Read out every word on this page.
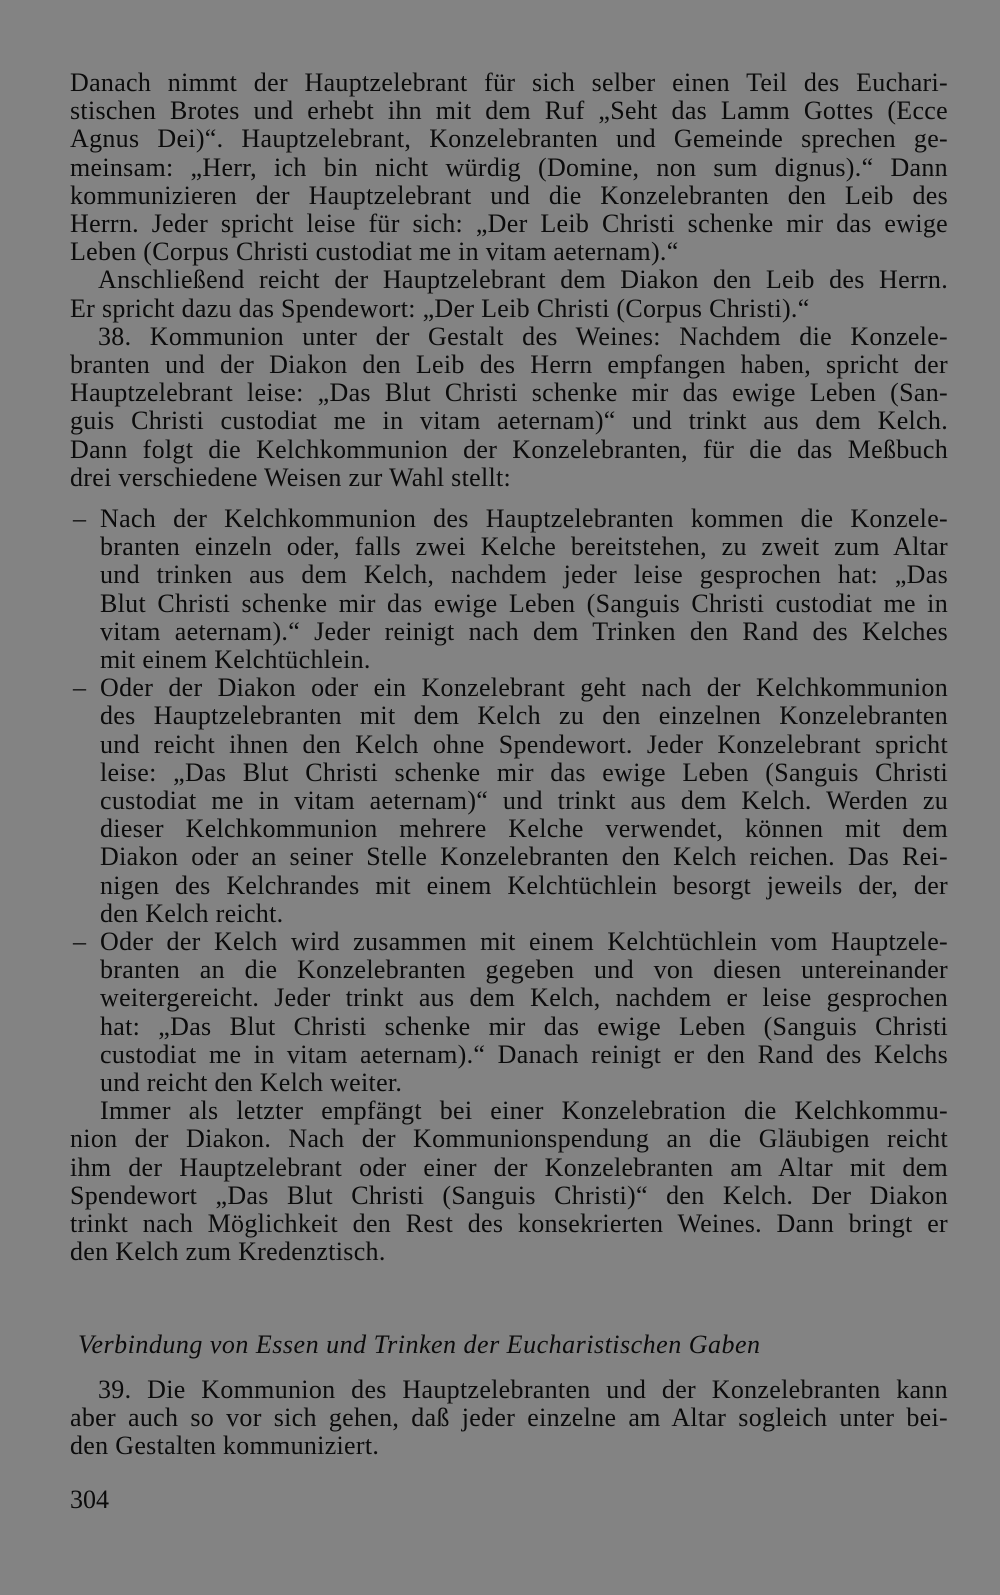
Danach nimmt der Hauptzelebrant für sich selber einen Teil des Euchari-
stischen Brotes und erhebt ihn mit dem Ruf „Seht das Lamm Gottes (Ecce
Agnus Dei)“. Hauptzelebrant, Konzelebranten und Gemeinde sprechen ge-
meinsam: „Herr, ich bin nicht würdig (Domine, non sum dignus).“ Dann
kommunizieren der Hauptzelebrant und die Konzelebranten den Leib des
Herrn. Jeder spricht leise für sich: „Der Leib Christi schenke mir das ewige
Leben (Corpus Christi custodiat me in vitam aeternam).“
Anschließend reicht der Hauptzelebrant dem Diakon den Leib des Herrn.
Er spricht dazu das Spendewort: „Der Leib Christi (Corpus Christi).“
38. Kommunion unter der Gestalt des Weines: Nachdem die Konzele-
branten und der Diakon den Leib des Herrn empfangen haben, spricht der
Hauptzelebrant leise: „Das Blut Christi schenke mir das ewige Leben (San-
guis Christi custodiat me in vitam aeternam)“ und trinkt aus dem Kelch.
Dann folgt die Kelchkommunion der Konzelebranten, für die das Meßbuch
drei verschiedene Weisen zur Wahl stellt:
– Nach der Kelchkommunion des Hauptzelebranten kommen die Konzele-
branten einzeln oder, falls zwei Kelche bereitstehen, zu zweit zum Altar
und trinken aus dem Kelch, nachdem jeder leise gesprochen hat: „Das
Blut Christi schenke mir das ewige Leben (Sanguis Christi custodiat me in
vitam aeternam).“ Jeder reinigt nach dem Trinken den Rand des Kelches
mit einem Kelchtüchlein.
– Oder der Diakon oder ein Konzelebrant geht nach der Kelchkommunion
des Hauptzelebranten mit dem Kelch zu den einzelnen Konzelebranten
und reicht ihnen den Kelch ohne Spendewort. Jeder Konzelebrant spricht
leise: „Das Blut Christi schenke mir das ewige Leben (Sanguis Christi
custodiat me in vitam aeternam)“ und trinkt aus dem Kelch. Werden zu
dieser Kelchkommunion mehrere Kelche verwendet, können mit dem
Diakon oder an seiner Stelle Konzelebranten den Kelch reichen. Das Rei-
nigen des Kelchrandes mit einem Kelchtüchlein besorgt jeweils der, der
den Kelch reicht.
– Oder der Kelch wird zusammen mit einem Kelchtüchlein vom Hauptzele-
branten an die Konzelebranten gegeben und von diesen untereinander
weitergereicht. Jeder trinkt aus dem Kelch, nachdem er leise gesprochen
hat: „Das Blut Christi schenke mir das ewige Leben (Sanguis Christi
custodiat me in vitam aeternam).“ Danach reinigt er den Rand des Kelchs
und reicht den Kelch weiter.
Immer als letzter empfängt bei einer Konzelebration die Kelchkommu-
nion der Diakon. Nach der Kommunionspendung an die Gläubigen reicht
ihm der Hauptzelebrant oder einer der Konzelebranten am Altar mit dem
Spendewort „Das Blut Christi (Sanguis Christi)“ den Kelch. Der Diakon
trinkt nach Möglichkeit den Rest des konsekrierten Weines. Dann bringt er
den Kelch zum Kredenztisch.
Verbindung von Essen und Trinken der Eucharistischen Gaben
39. Die Kommunion des Hauptzelebranten und der Konzelebranten kann
aber auch so vor sich gehen, daß jeder einzelne am Altar sogleich unter bei-
den Gestalten kommuniziert.
304
